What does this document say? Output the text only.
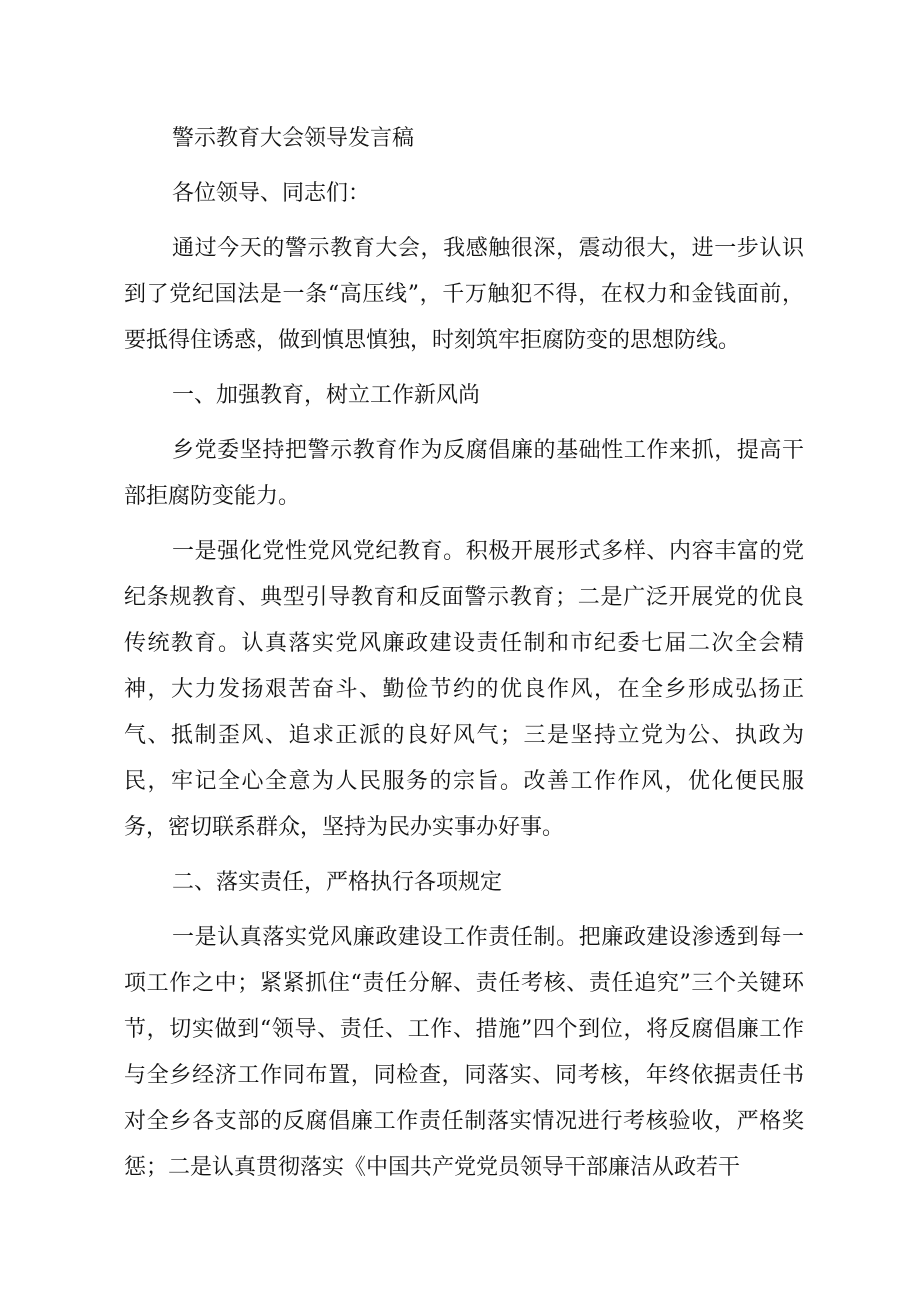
警示教育大会领导发言稿

各位领导、同志们：

通过今天的警示教育大会，我感触很深，震动很大，进一步认识到了党纪国法是一条“高压线”，千万触犯不得，在权力和金钱面前，要抵得住诱惑，做到慎思慎独，时刻筑牢拒腐防变的思想防线。

一、加强教育，树立工作新风尚

乡党委坚持把警示教育作为反腐倡廉的基础性工作来抓，提高干部拒腐防变能力。

一是强化党性党风党纪教育。积极开展形式多样、内容丰富的党纪条规教育、典型引导教育和反面警示教育；二是广泛开展党的优良传统教育。认真落实党风廉政建设责任制和市纪委七届二次全会精神，大力发扬艰苦奋斗、勤俭节约的优良作风，在全乡形成弘扬正气、抵制歪风、追求正派的良好风气；三是坚持立党为公、执政为民，牢记全心全意为人民服务的宗旨。改善工作作风，优化便民服务，密切联系群众，坚持为民办实事办好事。

二、落实责任，严格执行各项规定

一是认真落实党风廉政建设工作责任制。把廉政建设渗透到每一项工作之中；紧紧抓住“责任分解、责任考核、责任追究”三个关键环节，切实做到“领导、责任、工作、措施”四个到位，将反腐倡廉工作与全乡经济工作同布置，同检查，同落实、同考核，年终依据责任书对全乡各支部的反腐倡廉工作责任制落实情况进行考核验收，严格奖惩；二是认真贯彻落实《中国共产党党员领导干部廉洁从政若干
